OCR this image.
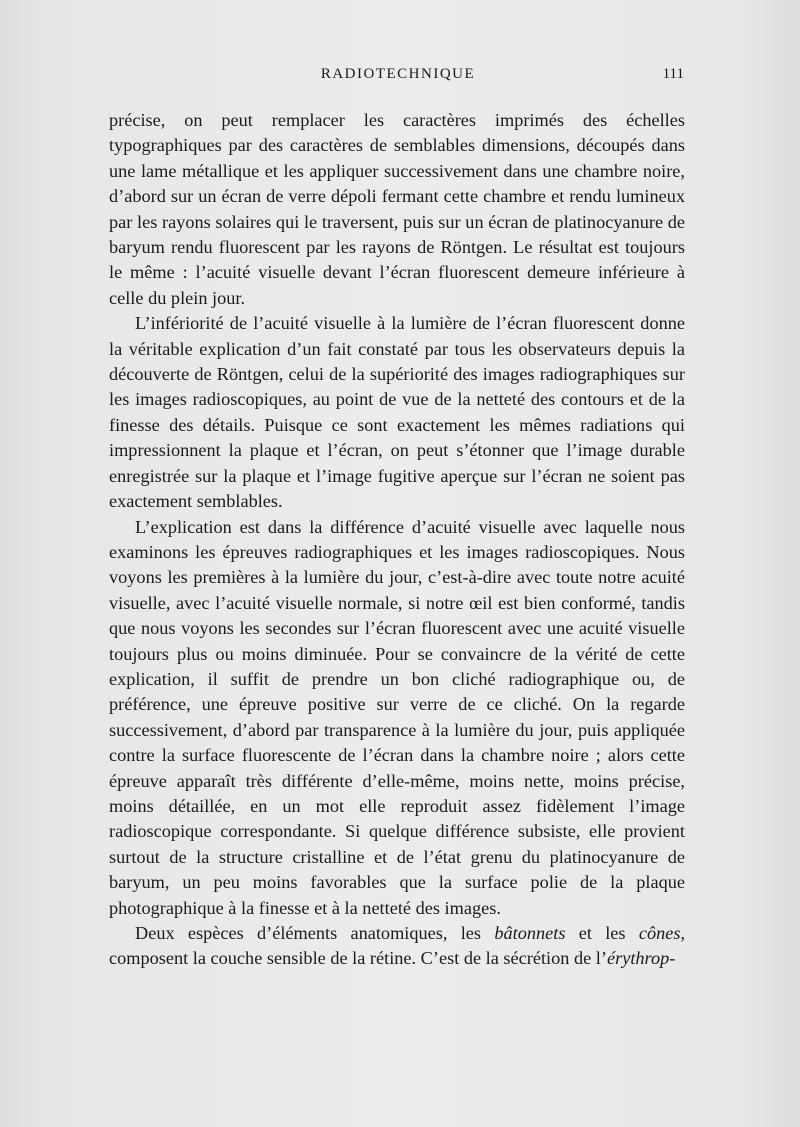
RADIOTECHNIQUE	111

précise, on peut remplacer les caractères imprimés des échelles typographiques par des caractères de semblables dimensions, découpés dans une lame métallique et les appliquer successivement dans une chambre noire, d’abord sur un écran de verre dépoli fermant cette chambre et rendu lumineux par les rayons solaires qui le traversent, puis sur un écran de platinocyanure de baryum rendu fluorescent par les rayons de Röntgen. Le résultat est toujours le même : l’acuité visuelle devant l’écran fluorescent demeure inférieure à celle du plein jour.

L’infériorité de l’acuité visuelle à la lumière de l’écran fluorescent donne la véritable explication d’un fait constaté par tous les observateurs depuis la découverte de Röntgen, celui de la supériorité des images radiographiques sur les images radioscopiques, au point de vue de la netteté des contours et de la finesse des détails. Puisque ce sont exactement les mêmes radiations qui impressionnent la plaque et l’écran, on peut s’étonner que l’image durable enregistrée sur la plaque et l’image fugitive aperçue sur l’écran ne soient pas exactement semblables.

L’explication est dans la différence d’acuité visuelle avec laquelle nous examinons les épreuves radiographiques et les images radioscopiques. Nous voyons les premières à la lumière du jour, c’est-à-dire avec toute notre acuité visuelle, avec l’acuité visuelle normale, si notre œil est bien conformé, tandis que nous voyons les secondes sur l’écran fluorescent avec une acuité visuelle toujours plus ou moins diminuée. Pour se convaincre de la vérité de cette explication, il suffit de prendre un bon cliché radiographique ou, de préférence, une épreuve positive sur verre de ce cliché. On la regarde successivement, d’abord par transparence à la lumière du jour, puis appliquée contre la surface fluorescente de l’écran dans la chambre noire ; alors cette épreuve apparaît très différente d’elle-même, moins nette, moins précise, moins détaillée, en un mot elle reproduit assez fidèlement l’image radioscopique correspondante. Si quelque différence subsiste, elle provient surtout de la structure cristalline et de l’état grenu du platinocyanure de baryum, un peu moins favorables que la surface polie de la plaque photographique à la finesse et à la netteté des images.

Deux espèces d’éléments anatomiques, les bâtonnets et les cônes, composent la couche sensible de la rétine. C’est de la sécrétion de l’érythrop-
